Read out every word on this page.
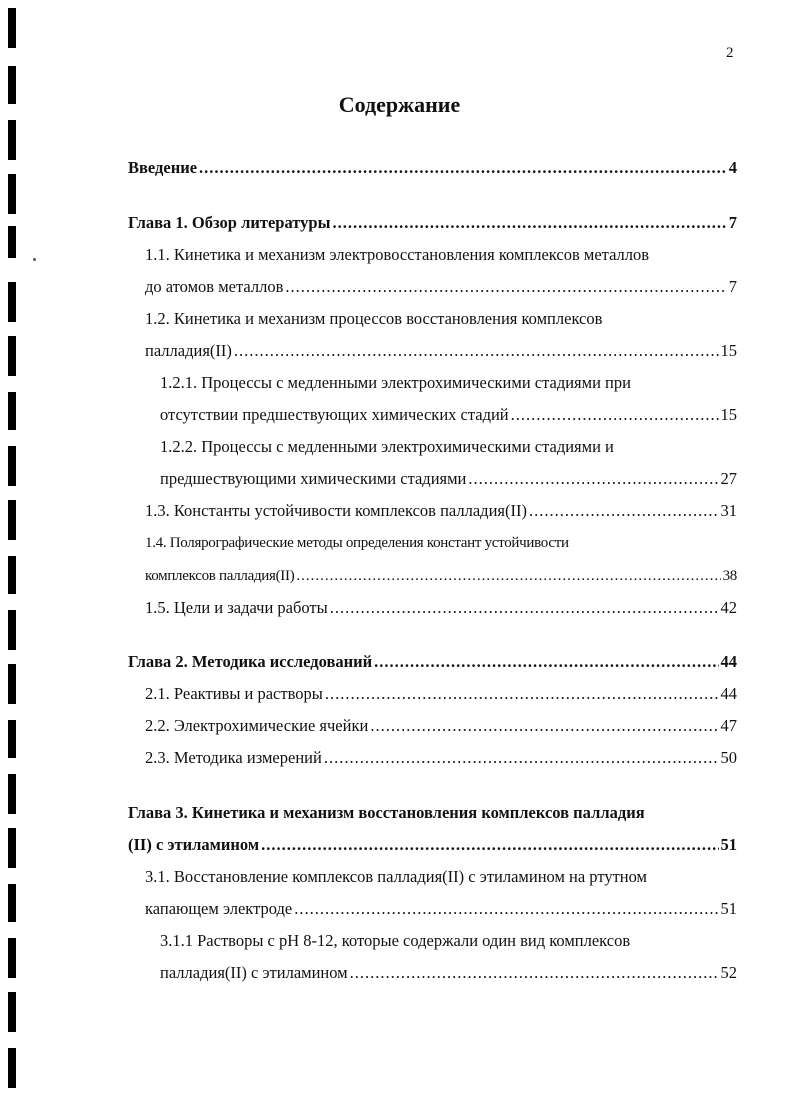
2
Содержание
Введение .....	4
Глава 1. Обзор литературы .....	7
1.1. Кинетика и механизм электровосстановления комплексов металлов
до атомов металлов .....	7
1.2. Кинетика и механизм процессов восстановления комплексов
палладия(II) .....	15
1.2.1. Процессы с медленными электрохимическими стадиями при
отсутствии предшествующих химических стадий .....	15
1.2.2. Процессы с медленными электрохимическими стадиями и
предшествующими химическими стадиями .....	27
1.3. Константы устойчивости комплексов палладия(II) .....	31
1.4. Полярографические методы определения констант устойчивости
комплексов палладия(II) .....	38
1.5. Цели и задачи работы .....	42
Глава 2. Методика исследований .....	44
2.1. Реактивы и растворы .....	44
2.2. Электрохимические ячейки .....	47
2.3. Методика измерений .....	50
Глава 3. Кинетика и механизм восстановления комплексов палладия
(II) с этиламином .....	51
3.1. Восстановление комплексов палладия(II) с этиламином на ртутном
капающем электроде .....	51
3.1.1 Растворы с pH 8-12, которые содержали один вид комплексов
палладия(II) с этиламином .....	52
